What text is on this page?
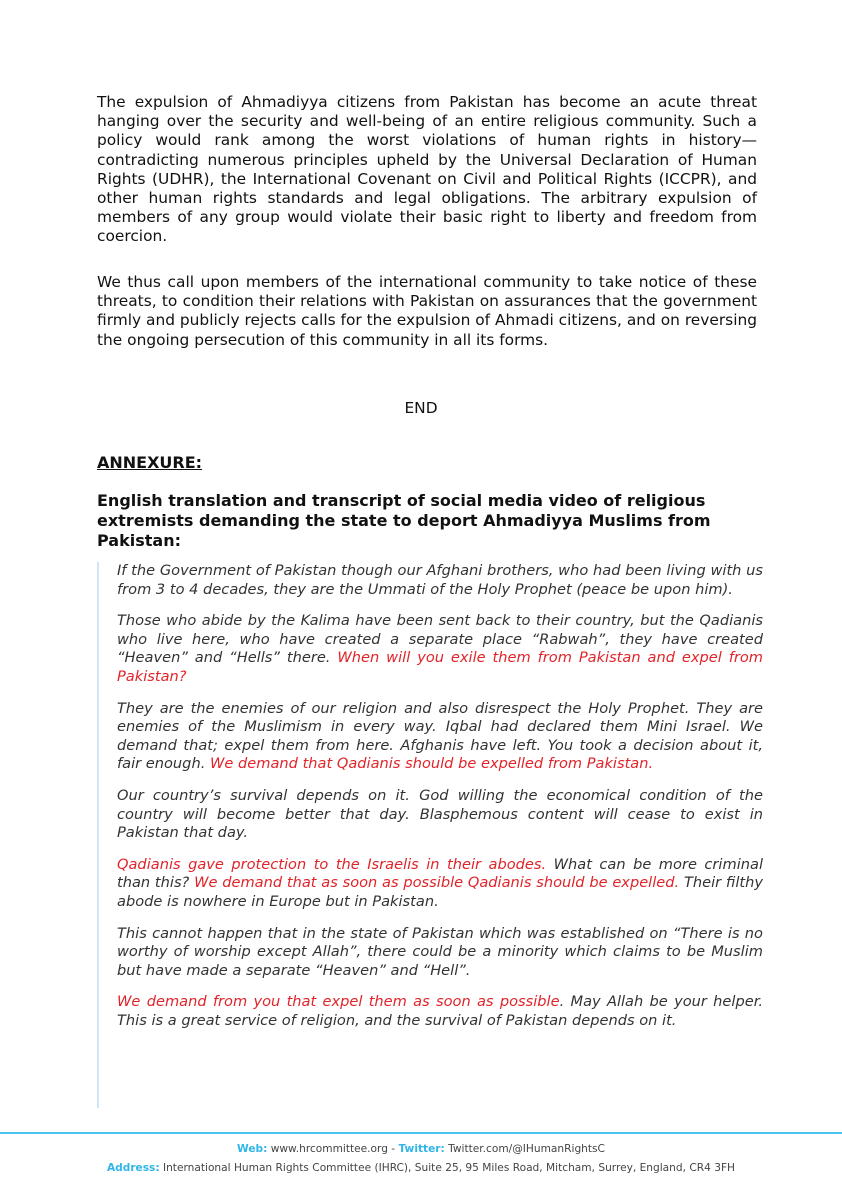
The expulsion of Ahmadiyya citizens from Pakistan has become an acute threat hanging over the security and well-being of an entire religious community. Such a policy would rank among the worst violations of human rights in history—contradicting numerous principles upheld by the Universal Declaration of Human Rights (UDHR), the International Covenant on Civil and Political Rights (ICCPR), and other human rights standards and legal obligations. The arbitrary expulsion of members of any group would violate their basic right to liberty and freedom from coercion.

We thus call upon members of the international community to take notice of these threats, to condition their relations with Pakistan on assurances that the government firmly and publicly rejects calls for the expulsion of Ahmadi citizens, and on reversing the ongoing persecution of this community in all its forms.

END

ANNEXURE:

English translation and transcript of social media video of religious extremists demanding the state to deport Ahmadiyya Muslims from Pakistan:

If the Government of Pakistan though our Afghani brothers, who had been living with us from 3 to 4 decades, they are the Ummati of the Holy Prophet (peace be upon him).

Those who abide by the Kalima have been sent back to their country, but the Qadianis who live here, who have created a separate place “Rabwah”, they have created “Heaven” and “Hells” there. When will you exile them from Pakistan and expel from Pakistan?

They are the enemies of our religion and also disrespect the Holy Prophet. They are enemies of the Muslimism in every way. Iqbal had declared them Mini Israel. We demand that; expel them from here. Afghanis have left. You took a decision about it, fair enough. We demand that Qadianis should be expelled from Pakistan.

Our country’s survival depends on it. God willing the economical condition of the country will become better that day. Blasphemous content will cease to exist in Pakistan that day.

Qadianis gave protection to the Israelis in their abodes. What can be more criminal than this? We demand that as soon as possible Qadianis should be expelled. Their filthy abode is nowhere in Europe but in Pakistan.

This cannot happen that in the state of Pakistan which was established on “There is no worthy of worship except Allah”, there could be a minority which claims to be Muslim but have made a separate “Heaven” and “Hell”.

We demand from you that expel them as soon as possible. May Allah be your helper. This is a great service of religion, and the survival of Pakistan depends on it.

Web: www.hrcommittee.org - Twitter: Twitter.com/@IHumanRightsC

Address: International Human Rights Committee (IHRC), Suite 25, 95 Miles Road, Mitcham, Surrey, England, CR4 3FH
